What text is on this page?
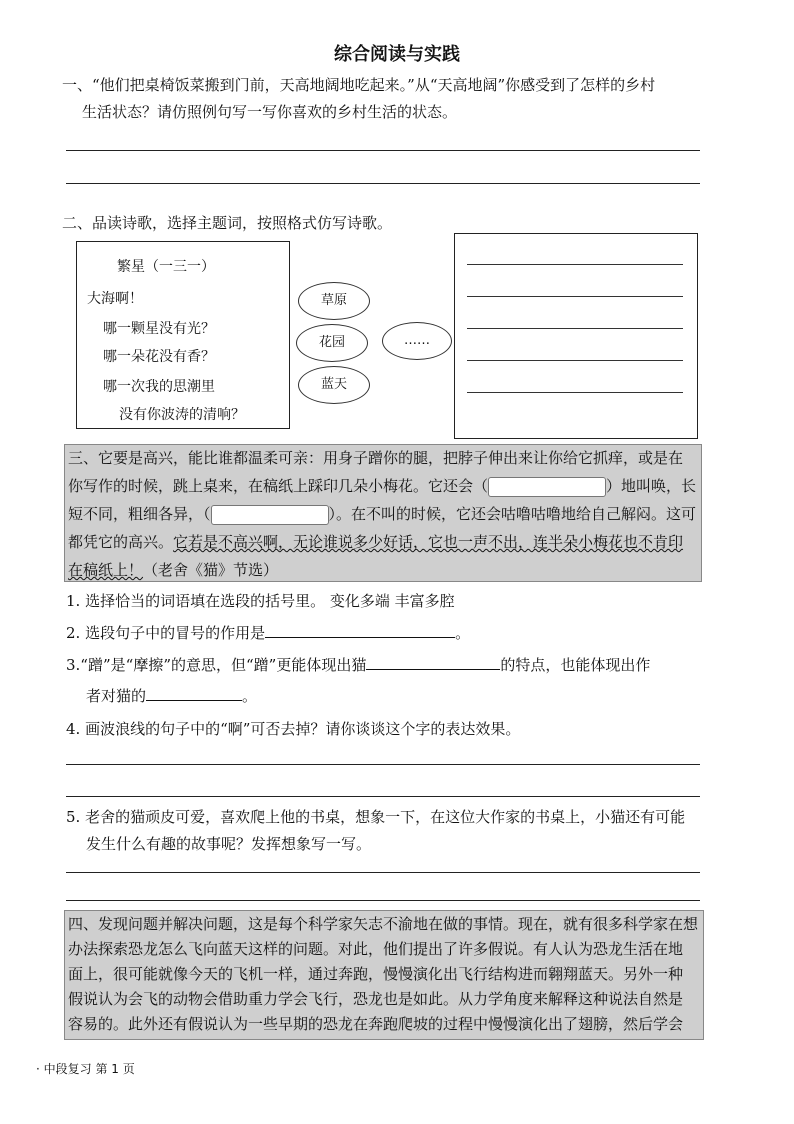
综合阅读与实践
一、“他们把桌椅饭菜搬到门前，天高地阔地吃起来。”从“天高地阔”你感受到了怎样的乡村
生活状态？请仿照例句写一写你喜欢的乡村生活的状态。
二、品读诗歌，选择主题词，按照格式仿写诗歌。
繁星（一三一）
大海啊！
哪一颗星没有光？
哪一朵花没有香？
哪一次我的思潮里
没有你波涛的清响？
草原
花园
蓝天
……
三、它要是高兴，能比谁都温柔可亲：用身子蹭你的腿，把脖子伸出来让你给它抓痒，或是在
你写作的时候，跳上桌来，在稿纸上踩印几朵小梅花。它还会（	）地叫唤，长
短不同，粗细各异，（	）。在不叫的时候，它还会咕噜咕噜地给自己解闷。这可
都凭它的高兴。它若是不高兴啊，无论谁说多少好话，它也一声不出，连半朵小梅花也不肯印
在稿纸上！（老舍《猫》节选）
1. 选择恰当的词语填在选段的括号里。 变化多端 丰富多腔
2. 选段句子中的冒号的作用是	。
3.“蹭”是“摩擦”的意思，但“蹭”更能体现出猫	的特点，也能体现出作
者对猫的	。
4. 画波浪线的句子中的“啊”可否去掉？请你谈谈这个字的表达效果。
5. 老舍的猫顽皮可爱，喜欢爬上他的书桌，想象一下，在这位大作家的书桌上，小猫还有可能
发生什么有趣的故事呢？发挥想象写一写。
四、发现问题并解决问题，这是每个科学家矢志不渝地在做的事情。现在，就有很多科学家在想
办法探索恐龙怎么飞向蓝天这样的问题。对此，他们提出了许多假说。有人认为恐龙生活在地
面上，很可能就像今天的飞机一样，通过奔跑，慢慢演化出飞行结构进而翱翔蓝天。另外一种
假说认为会飞的动物会借助重力学会飞行，恐龙也是如此。从力学角度来解释这种说法自然是
容易的。此外还有假说认为一些早期的恐龙在奔跑爬坡的过程中慢慢演化出了翅膀，然后学会
· 中段复习 第 1 页
